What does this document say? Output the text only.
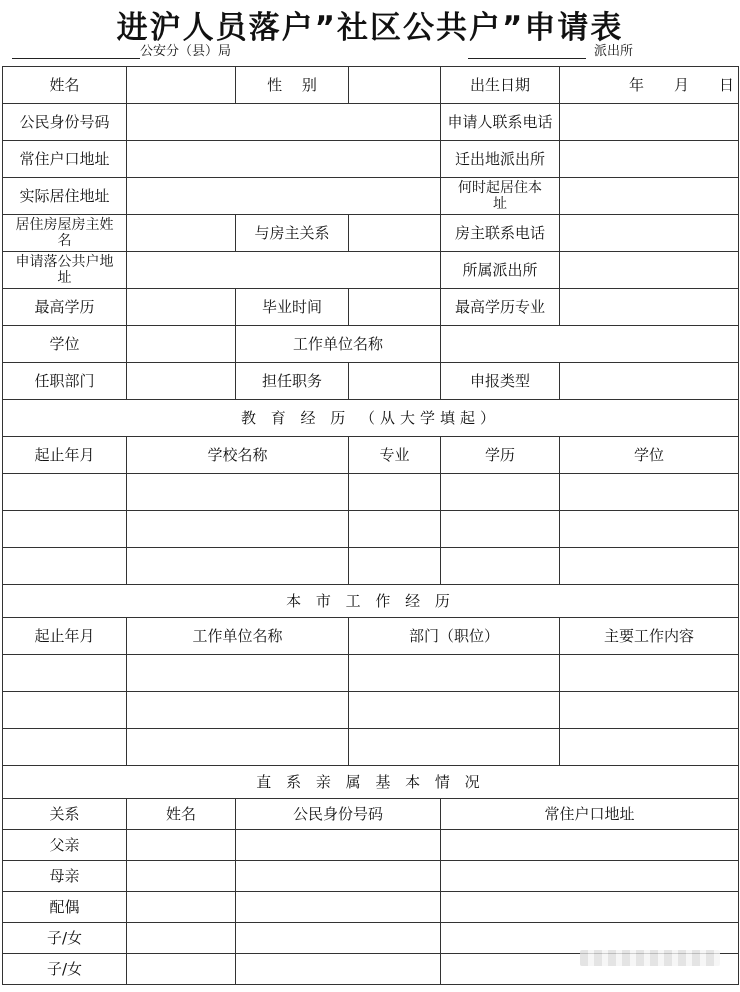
进沪人员落户”社区公共户”申请表
公安分（县）局	派出所
姓名		性　 别		出生日期	年　　月　　日
公民身份号码				申请人联系电话	
常住户口地址				迁出地派出所	
实际居住地址				何时起居住本址	
居住房屋房主姓名		与房主关系		房主联系电话	
申请落公共户地址				所属派出所	
最高学历		毕业时间		最高学历专业	
学位		工作单位名称			
任职部门		担任职务		申报类型	
教 育 经 历 （从大学填起）					
起止年月	学校名称		专业	学历	学位

本 市 工 作 经 历					
起止年月	工作单位名称		部门（职位）		主要工作内容

直 系 亲 属 基 本 情 况					
关系	姓名	公民身份号码		常住户口地址	
父亲					
母亲					
配偶					
子/女					
子/女					
